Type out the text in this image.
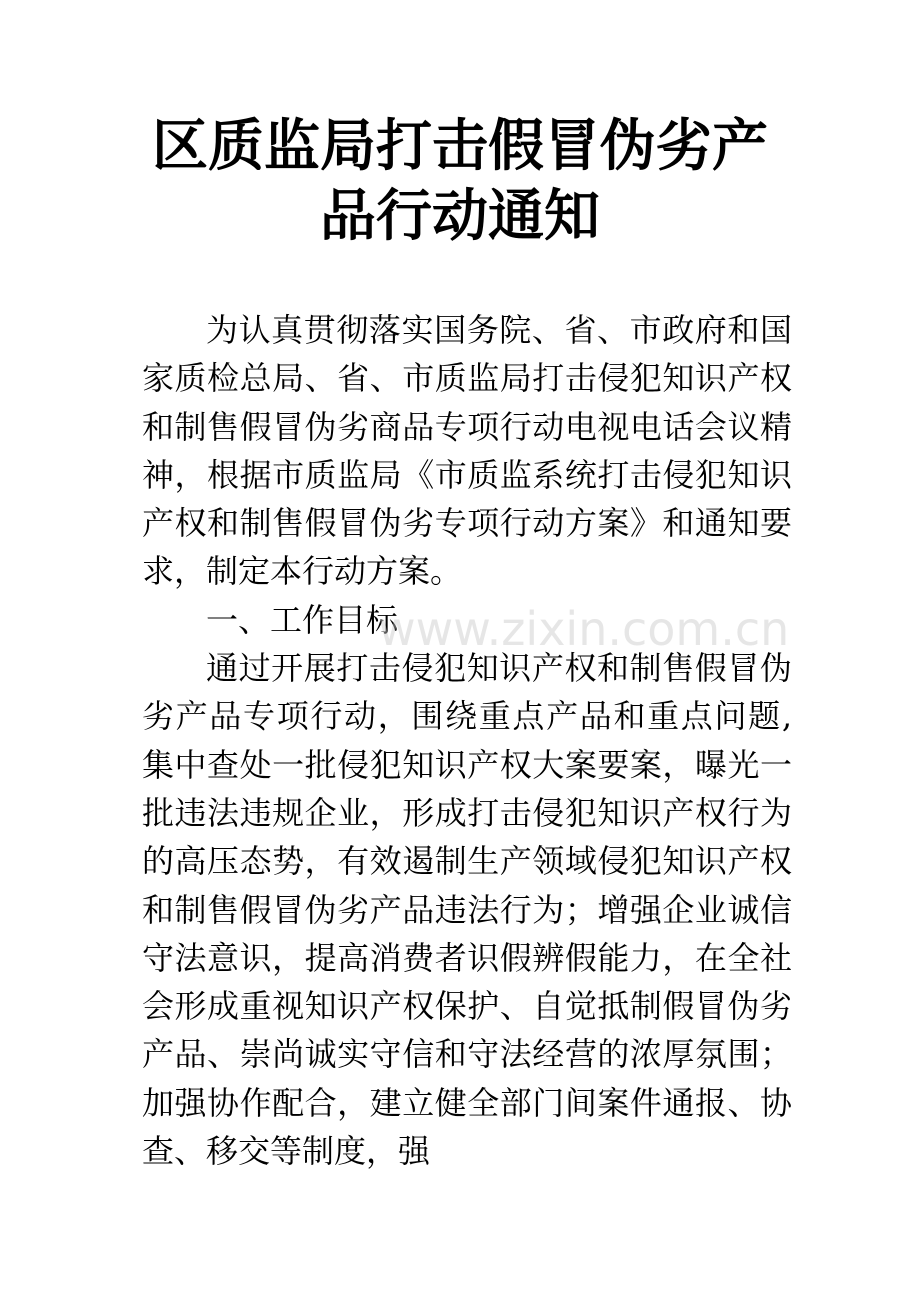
区质监局打击假冒伪劣产
品行动通知

为认真贯彻落实国务院、省、市政府和国家质检总局、省、市质监局打击侵犯知识产权和制售假冒伪劣商品专项行动电视电话会议精神，根据市质监局《市质监系统打击侵犯知识产权和制售假冒伪劣专项行动方案》和通知要求，制定本行动方案。

一、工作目标

通过开展打击侵犯知识产权和制售假冒伪劣产品专项行动，围绕重点产品和重点问题,集中查处一批侵犯知识产权大案要案，曝光一批违法违规企业，形成打击侵犯知识产权行为的高压态势，有效遏制生产领域侵犯知识产权和制售假冒伪劣产品违法行为；增强企业诚信守法意识，提高消费者识假辨假能力，在全社会形成重视知识产权保护、自觉抵制假冒伪劣产品、崇尚诚实守信和守法经营的浓厚氛围；加强协作配合，建立健全部门间案件通报、协查、移交等制度，强

www.zixin.com.cn
